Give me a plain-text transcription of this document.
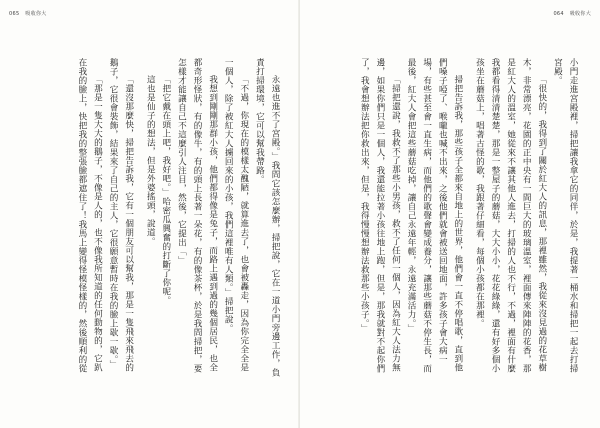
065 吸收你大

永遠也進不了宮殿。」我問它該怎麼辦，掃把說，它在一道小門旁邊工作，負責打掃環境，它可以幫我帶路。

「不過，你現在的模樣太醜陋，就算進去了，也會被轟走，因為你完全全是一個人，除了被紅大人擄回來的小孩，我們這裡唯有人類。」掃把說。

我想到剛剛那群小孩，他們都得像是兔子，而路上遇到過的幾個居民，也全都奇形怪狀，有的像牛，有的頭上長著一朵花，有的像茶杯，於是我問掃把，要怎樣才能讓自己不這麼引人注目，然後，它提出「」

「把它戴在頭上吧，我好吧。」哈密瓜興奮的打斷了你呢。

這也是仙子的想法，但是外婆搖頭，說道。

「還沒那麼快，掃把告訴我，它有一個朋友可以幫我，那是一隻飛來飛去的鵝子，它很會裝飾，結果來了自己的主人，它很願意暫時在我的臉上歇一歇。」

「那是一隻大大的鵝子，不像是人的，也不像我所知道的任何動物的，它趴在我的臉上，快把我的整張臉都遮住了！我馬上變得怪模怪樣的，然後順利的從

064 吸收你大

小門走進宮殿裡，掃把讓我拿它的同伴，於是，我提著一桶水和掃把一起去打掃宮殿。

「很快的，我得到了關於紅大人的訊息，那裡雖然，我從來沒見過的花草樹木，非常漂亮，花園的正中央有一間巨大的玻璃溫室，裡面傳來陣陣的花香，那是紅大人的溫室，她從來不讓其他人進去，打掃的人也不行，不過，裡面有什麼我都看得清清楚楚，那是一整屋子的蘑菇，大大小小，花花綠綠，還有好多個小孩坐在蘑菇上，唱著古怪的歌，我跟著仔細看，每個小孩都在那裡。

掃把告訴我，那些孩子全都來自地上的世界，他們會一直不停唱歌，直到他們嗓子啞了、喉嚨也喊不出來，之後他們就會被送回地面，許多孩子會大病一場，有些甚至會一直生病，而他們的歌聲會變成養分，讓那些蘑菇不停生長，而最後，紅大人會把這些蘑菇吃掉，讓自己永遠年輕，永遠充滿活力。」

「掃把還說，我救不了那些小男孩，救不了任何一個人，因為紅大人法力無邊，如果你們只是一個人，我還能拉著小孩往地上跑，但是，那我就對不起你們了，我會想辦法把你救出來，但是，我得慢慢想辦法救那些小孩子。」
